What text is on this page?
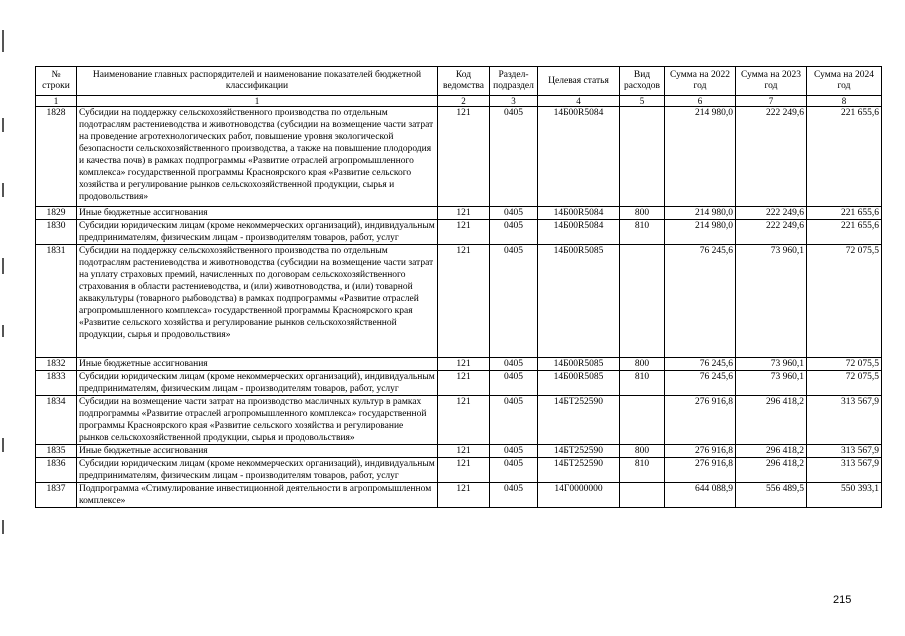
№ строки	Наименование главных распорядителей и наименование показателей бюджетной классификации	Код ведомства	Раздел-подраздел	Целевая статья	Вид расходов	Сумма на 2022 год	Сумма на 2023 год	Сумма на 2024 год
1	1	2	3	4	5	6	7	8
1828	Субсидии на поддержку сельскохозяйственного производства по отдельным подотраслям растениеводства и животноводства (субсидии на возмещение части затрат на проведение агротехнологических работ, повышение уровня экологической безопасности сельскохозяйственного производства, а также на повышение плодородия и качества почв) в рамках подпрограммы «Развитие отраслей агропромышленного комплекса» государственной программы Красноярского края «Развитие сельского хозяйства и регулирование рынков сельскохозяйственной продукции, сырья и продовольствия»	121	0405	14Б00R5084		214 980,0	222 249,6	221 655,6
1829	Иные бюджетные ассигнования	121	0405	14Б00R5084	800	214 980,0	222 249,6	221 655,6
1830	Субсидии юридическим лицам (кроме некоммерческих организаций), индивидуальным предпринимателям, физическим лицам - производителям товаров, работ, услуг	121	0405	14Б00R5084	810	214 980,0	222 249,6	221 655,6
1831	Субсидии на поддержку сельскохозяйственного производства по отдельным подотраслям растениеводства и животноводства (субсидии на возмещение части затрат на уплату страховых премий, начисленных по договорам сельскохозяйственного страхования в области растениеводства, и (или) животноводства, и (или) товарной аквакультуры (товарного рыбоводства) в рамках подпрограммы «Развитие отраслей агропромышленного комплекса» государственной программы Красноярского края «Развитие сельского хозяйства и регулирование рынков сельскохозяйственной продукции, сырья и продовольствия»	121	0405	14Б00R5085		76 245,6	73 960,1	72 075,5
1832	Иные бюджетные ассигнования	121	0405	14Б00R5085	800	76 245,6	73 960,1	72 075,5
1833	Субсидии юридическим лицам (кроме некоммерческих организаций), индивидуальным предпринимателям, физическим лицам - производителям товаров, работ, услуг	121	0405	14Б00R5085	810	76 245,6	73 960,1	72 075,5
1834	Субсидии на возмещение части затрат на производство масличных культур в рамках подпрограммы «Развитие отраслей агропромышленного комплекса» государственной программы Красноярского края «Развитие сельского хозяйства и регулирование рынков сельскохозяйственной продукции, сырья и продовольствия»	121	0405	14БТ252590		276 916,8	296 418,2	313 567,9
1835	Иные бюджетные ассигнования	121	0405	14БТ252590	800	276 916,8	296 418,2	313 567,9
1836	Субсидии юридическим лицам (кроме некоммерческих организаций), индивидуальным предпринимателям, физическим лицам - производителям товаров, работ, услуг	121	0405	14БТ252590	810	276 916,8	296 418,2	313 567,9
1837	Подпрограмма «Стимулирование инвестиционной деятельности в агропромышленном комплексе»	121	0405	14Г0000000		644 088,9	556 489,5	550 393,1
215
